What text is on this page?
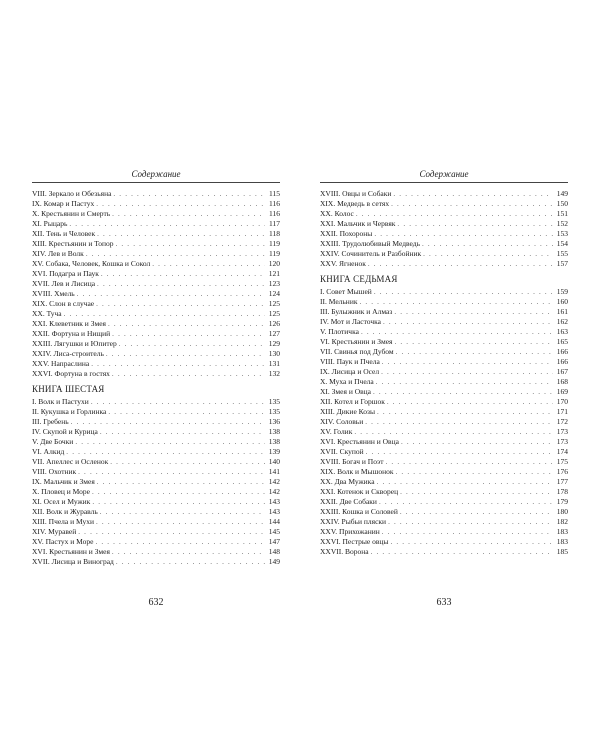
Содержание
VIII. Зеркало и Обезьяна . . .	115
IX. Комар и Пастух . . .	116
X. Крестьянин и Смерть . . .	116
XI. Рыцарь . . .	117
XII. Тень и Человек . . .	118
XIII. Крестьянин и Топор . . .	119
XIV. Лев и Волк . . .	119
XV. Собака, Человек, Кошка и Сокол . . .	120
XVI. Подагра и Паук . . .	121
XVII. Лев и Лисица . . .	123
XVIII. Хмель . . .	124
XIX. Слон в случае . . .	125
XX. Туча . . .	125
XXI. Клеветник и Змея . . .	126
XXII. Фортуна и Нищий . . .	127
XXIII. Лягушки и Юпитер . . .	129
XXIV. Лиса-строитель . . .	130
XXV. Напраслина . . .	131
XXVI. Фортуна в гостях . . .	132
КНИГА ШЕСТАЯ
I. Волк и Пастухи . . .	135
II. Кукушка и Горлинка . . .	135
III. Гребень . . .	136
IV. Скупой и Курица . . .	138
V. Две Бочки . . .	138
VI. Алкид . . .	139
VII. Апеллес и Осленок . . .	140
VIII. Охотник . . .	141
IX. Мальчик и Змея . . .	142
X. Пловец и Море . . .	142
XI. Осел и Мужик . . .	143
XII. Волк и Журавль . . .	143
XIII. Пчела и Мухи . . .	144
XIV. Муравей . . .	145
XV. Пастух и Море . . .	147
XVI. Крестьянин и Змея . . .	148
XVII. Лисица и Виноград . . .	149
Содержание
XVIII. Овцы и Собаки . . .	149
XIX. Медведь в сетях . . .	150
XX. Колос . . .	151
XXI. Мальчик и Червяк . . .	152
XXII. Похороны . . .	153
XXIII. Трудолюбивый Медведь . . .	154
XXIV. Сочинитель и Разбойник . . .	155
XXV. Ягненок . . .	157
КНИГА СЕДЬМАЯ
I. Совет Мышей . . .	159
II. Мельник . . .	160
III. Булыжник и Алмаз . . .	161
IV. Мот и Ласточка . . .	162
V. Плотичка . . .	163
VI. Крестьянин и Змея . . .	165
VII. Свинья под Дубом . . .	166
VIII. Паук и Пчела . . .	166
IX. Лисица и Осел . . .	167
X. Муха и Пчела . . .	168
XI. Змея и Овца . . .	169
XII. Котел и Горшок . . .	170
XIII. Дикие Козы . . .	171
XIV. Соловьи . . .	172
XV. Голик . . .	173
XVI. Крестьянин и Овца . . .	173
XVII. Скупой . . .	174
XVIII. Богач и Поэт . . .	175
XIX. Волк и Мышонок . . .	176
XX. Два Мужика . . .	177
XXI. Котенок и Скворец . . .	178
XXII. Две Собаки . . .	179
XXIII. Кошка и Соловей . . .	180
XXIV. Рыбьи пляски . . .	182
XXV. Прихожанин . . .	183
XXVI. Пестрые овцы . . .	183
XXVII. Ворона . . .	185
632	633
